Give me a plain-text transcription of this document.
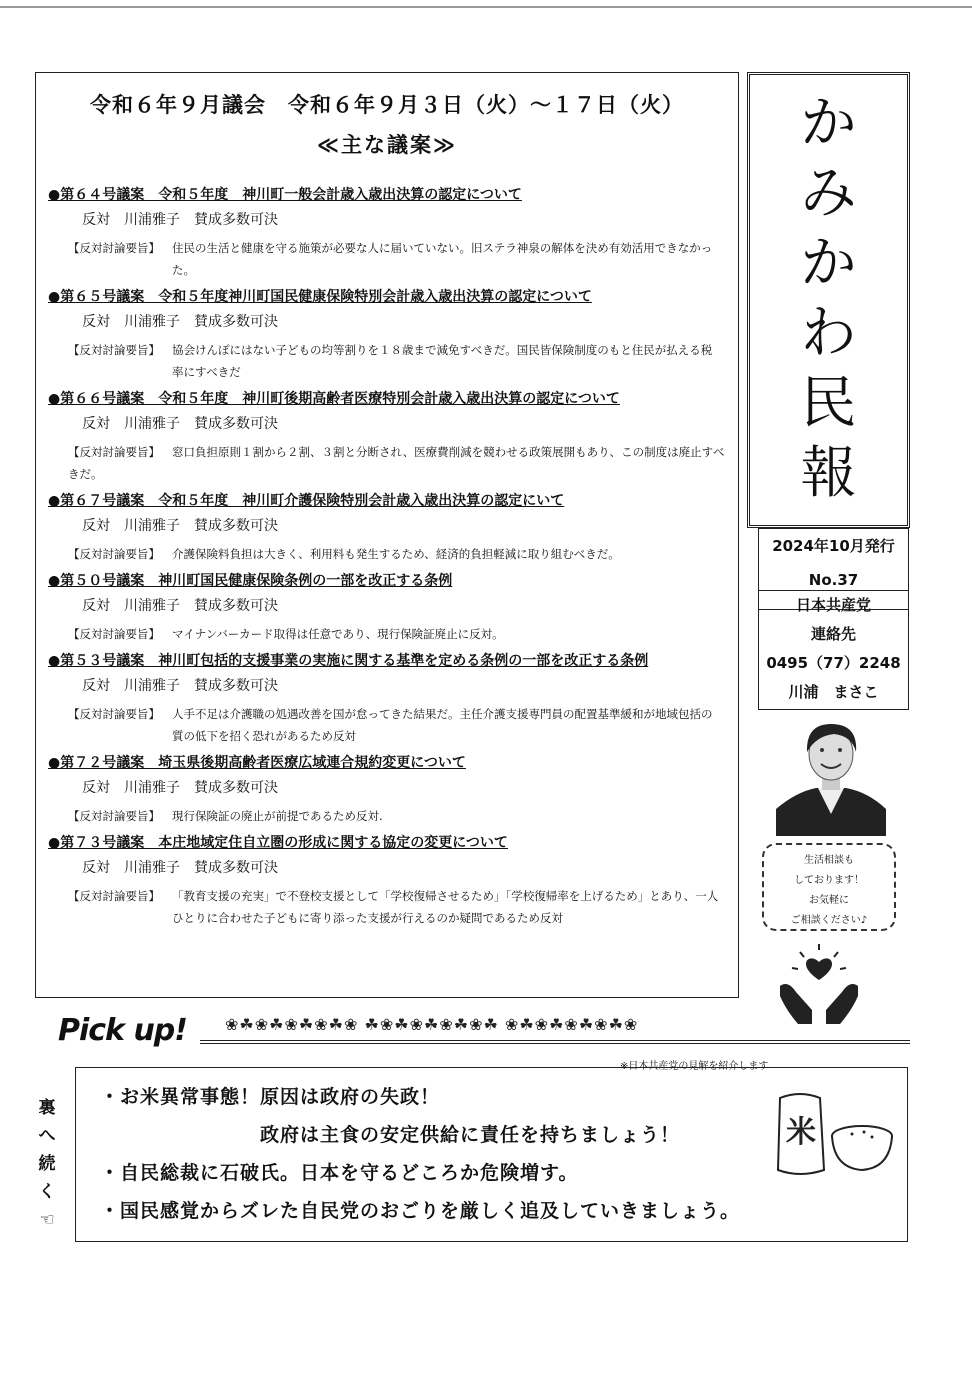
令和６年９月議会　令和６年９月３日（火）～１７日（火）
≪主な議案≫
●第６４号議案　令和５年度　神川町一般会計歳入歳出決算の認定について
反対　川浦雅子 賛成多数可決
【反対討論要旨】 住民の生活と健康を守る施策が必要な人に届いていない。旧ステラ神泉の解体を決め有効活用できなかった。
●第６５号議案　令和５年度神川町国民健康保険特別会計歳入歳出決算の認定について
反対　川浦雅子 賛成多数可決
【反対討論要旨】 協会けんぽにはない子どもの均等割りを１８歳まで減免すべきだ。国民皆保険制度のもと住民が払える税率にすべきだ
●第６６号議案　令和５年度　神川町後期高齢者医療特別会計歳入歳出決算の認定について
反対　川浦雅子 賛成多数可決
【反対討論要旨】 窓口負担原則１割から２割、３割と分断され、医療費削減を競わせる政策展開もあり、この制度は廃止すべきだ。
●第６７号議案　令和５年度　神川町介護保険特別会計歳入歳出決算の認定にいて
反対　川浦雅子 賛成多数可決
【反対討論要旨】 介護保険料負担は大きく、利用料も発生するため、経済的負担軽減に取り組むべきだ。
●第５０号議案　神川町国民健康保険条例の一部を改正する条例
反対　川浦雅子 賛成多数可決
【反対討論要旨】 マイナンバーカード取得は任意であり、現行保険証廃止に反対。
●第５３号議案　神川町包括的支援事業の実施に関する基準を定める条例の一部を改正する条例
反対　川浦雅子 賛成多数可決
【反対討論要旨】 人手不足は介護職の処遇改善を国が怠ってきた結果だ。主任介護支援専門員の配置基準緩和が地域包括の質の低下を招く恐れがあるため反対
●第７２号議案　埼玉県後期高齢者医療広域連合規約変更について
反対　川浦雅子 賛成多数可決
【反対討論要旨】 現行保険証の廃止が前提であるため反対.
●第７３号議案　本庄地域定住自立圏の形成に関する協定の変更について
反対　川浦雅子 賛成多数可決
【反対討論要旨】 「教育支援の充実」で不登校支援として「学校復帰させるため」「学校復帰率を上げるため」とあり、一人ひとりに合わせた子どもに寄り添った支援が行えるのか疑問であるため反対
か
み
か
わ
民
報
2024年10月発行
No.37
日本共産党
連絡先
0495（77）2248
川浦　まさこ
生活相談も
しております！
お気軽に
ご相談ください♪
Pick up! ❀☘❀☘❀☘❀☘❀ ☘❀☘❀☘❀☘❀☘ ❀☘❀☘❀☘❀☘❀
※日本共産党の見解を紹介します
・お米異常事態！原因は政府の失政！
政府は主食の安定供給に責任を持ちましょう！
・自民総裁に石破氏。日本を守るどころか危険増す。
・国民感覚からズレた自民党のおごりを厳しく追及していきましょう。
米
裏
へ
続
く
☜
